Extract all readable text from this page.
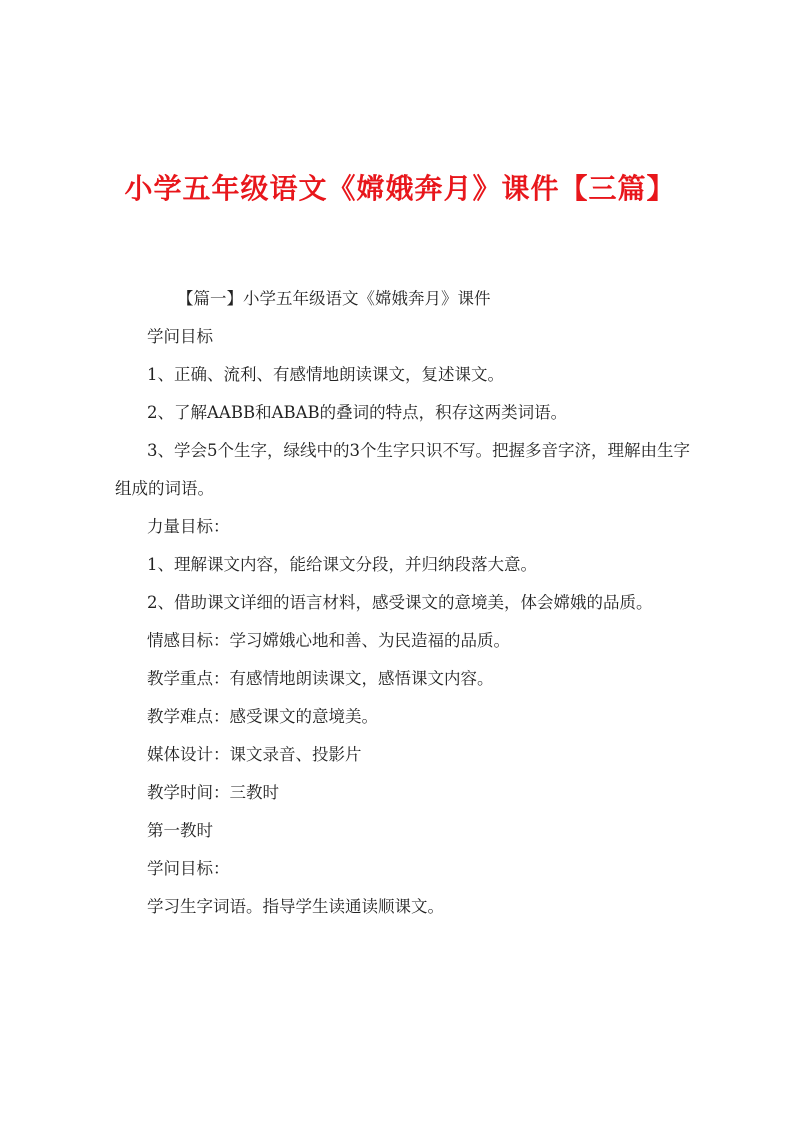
小学五年级语文《嫦娥奔月》课件【三篇】

【篇一】小学五年级语文《嫦娥奔月》课件

学问目标

1、正确、流利、有感情地朗读课文，复述课文。

2、了解AABB和ABAB的叠词的特点，积存这两类词语。

3、学会5个生字，绿线中的3个生字只识不写。把握多音字济，理解由生字组成的词语。

力量目标：

1、理解课文内容，能给课文分段，并归纳段落大意。

2、借助课文详细的语言材料，感受课文的意境美，体会嫦娥的品质。

情感目标：学习嫦娥心地和善、为民造福的品质。

教学重点：有感情地朗读课文，感悟课文内容。

教学难点：感受课文的意境美。

媒体设计：课文录音、投影片

教学时间：三教时

第一教时

学问目标：

学习生字词语。指导学生读通读顺课文。
